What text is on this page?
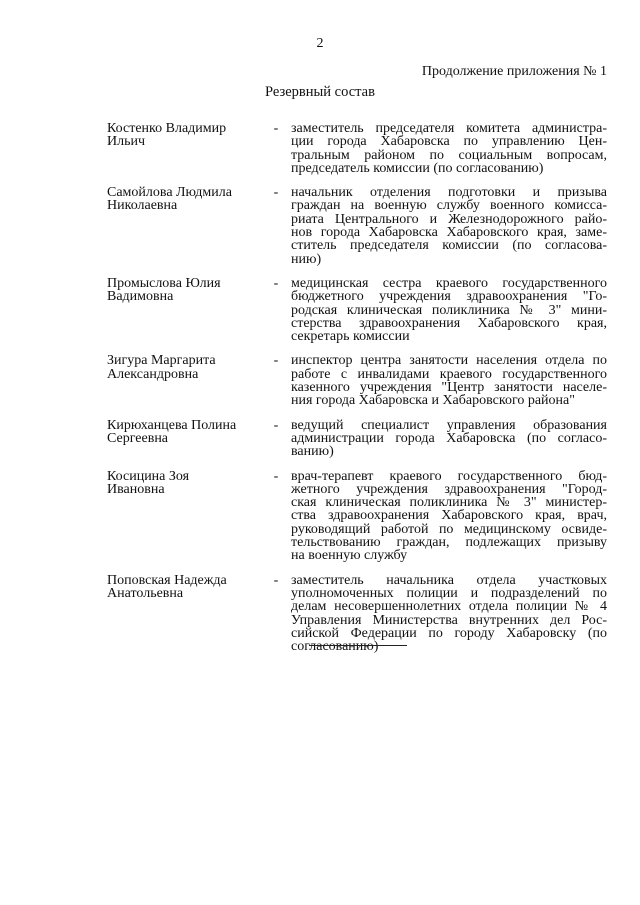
2
Продолжение приложения № 1
Резервный состав
Костенко Владимир
Ильич
- заместитель председателя комитета администра-
ции города Хабаровска по управлению Цен-
тральным районом по социальным вопросам,
председатель комиссии (по согласованию)
Самойлова Людмила
Николаевна
- начальник отделения подготовки и призыва
граждан на военную службу военного комисса-
риата Центрального и Железнодорожного райо-
нов города Хабаровска Хабаровского края, заме-
ститель председателя комиссии (по согласова-
нию)
Промыслова Юлия
Вадимовна
- медицинская сестра краевого государственного
бюджетного учреждения здравоохранения "Го-
родская клиническая поликлиника № 3" мини-
стерства здравоохранения Хабаровского края,
секретарь комиссии
Зигура Маргарита
Александровна
- инспектор центра занятости населения отдела по
работе с инвалидами краевого государственного
казенного учреждения "Центр занятости населе-
ния города Хабаровска и Хабаровского района"
Кирюханцева Полина
Сергеевна
- ведущий специалист управления образования
администрации города Хабаровска (по согласо-
ванию)
Косицина Зоя
Ивановна
- врач-терапевт краевого государственного бюд-
жетного учреждения здравоохранения "Город-
ская клиническая поликлиника № 3" министер-
ства здравоохранения Хабаровского края, врач,
руководящий работой по медицинскому освиде-
тельствованию граждан, подлежащих призыву
на военную службу
Поповская Надежда
Анатольевна
- заместитель начальника отдела участковых
уполномоченных полиции и подразделений по
делам несовершеннолетних отдела полиции № 4
Управления Министерства внутренних дел Рос-
сийской Федерации по городу Хабаровску (по
согласованию)
